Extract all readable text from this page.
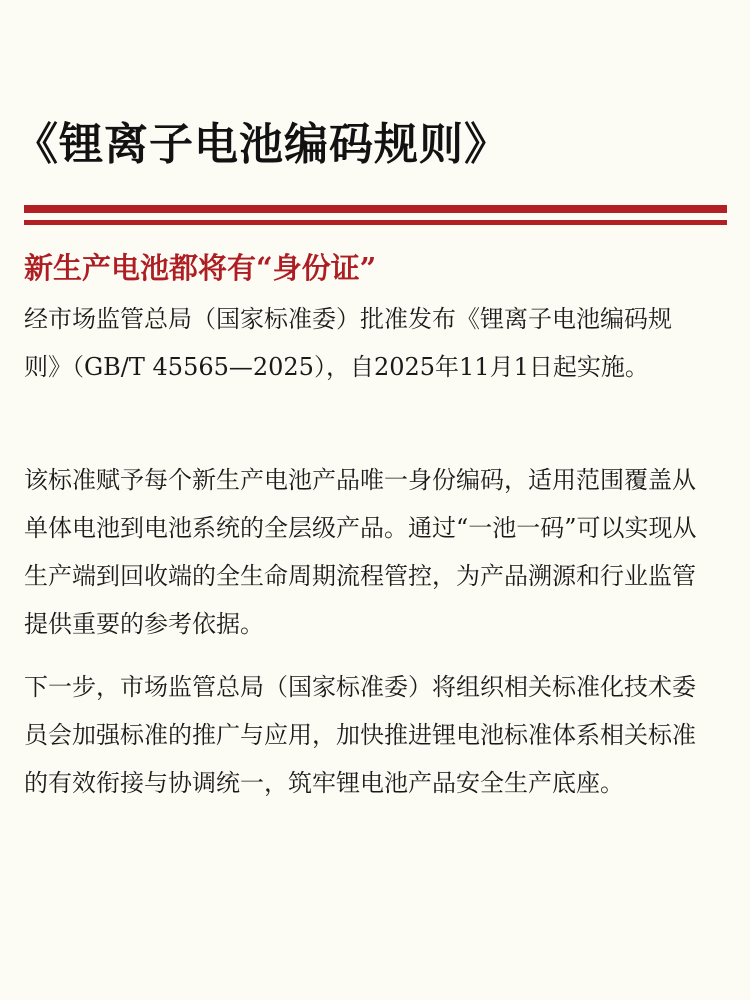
《锂离子电池编码规则》
新生产电池都将有“身份证”

经市场监管总局（国家标准委）批准发布《锂离子电池编码规则》（GB/T 45565—2025），自2025年11月1日起实施。

该标准赋予每个新生产电池产品唯一身份编码，适用范围覆盖从单体电池到电池系统的全层级产品。通过“一池一码”可以实现从生产端到回收端的全生命周期流程管控，为产品溯源和行业监管提供重要的参考依据。

下一步，市场监管总局（国家标准委）将组织相关标准化技术委员会加强标准的推广与应用，加快推进锂电池标准体系相关标准的有效衔接与协调统一，筑牢锂电池产品安全生产底座。
